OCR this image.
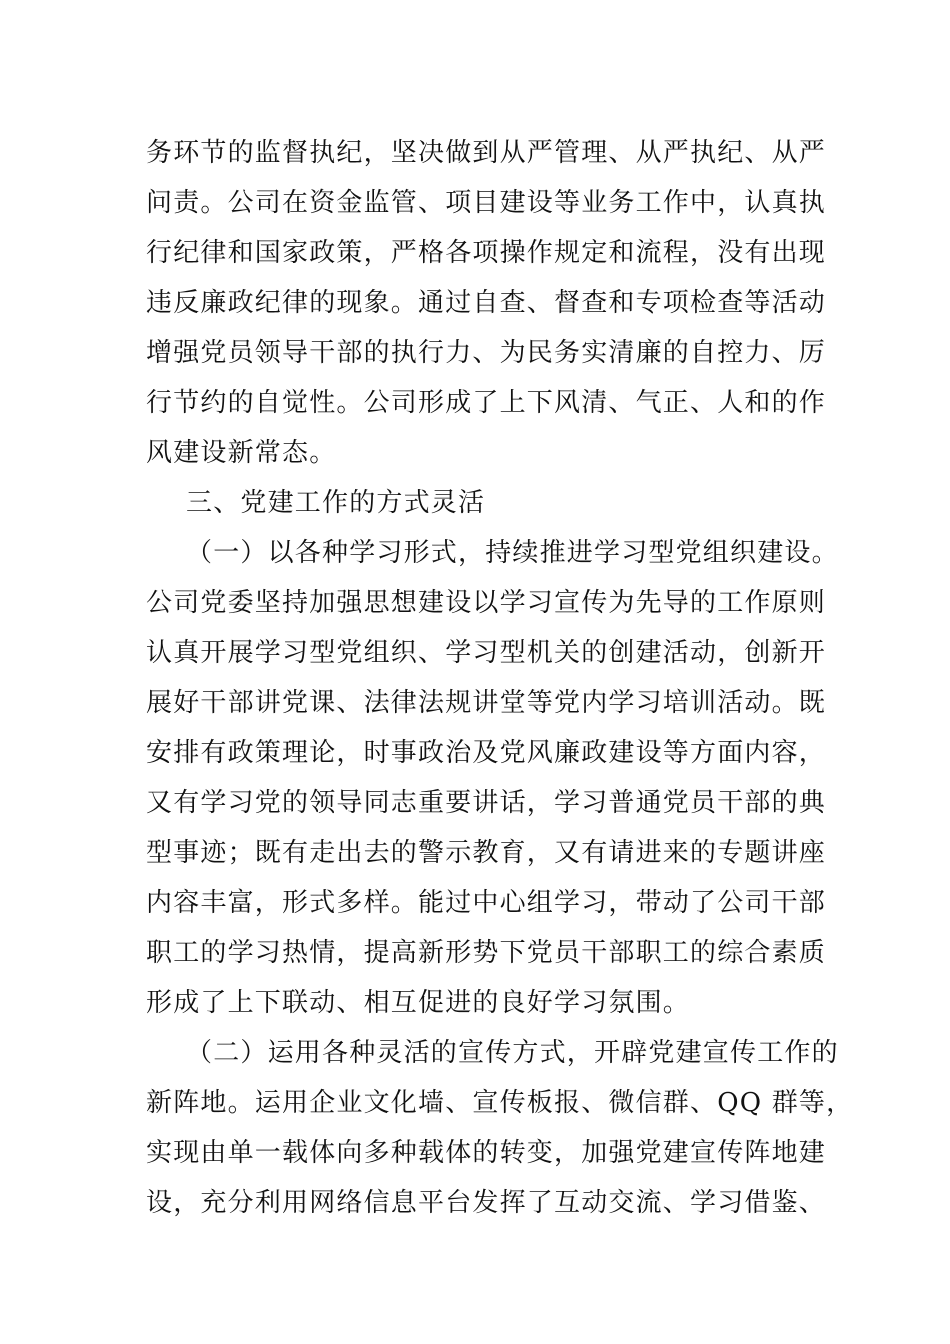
务环节的监督执纪，坚决做到从严管理、从严执纪、从严
问责。公司在资金监管、项目建设等业务工作中，认真执
行纪律和国家政策，严格各项操作规定和流程，没有出现
违反廉政纪律的现象。通过自查、督查和专项检查等活动
增强党员领导干部的执行力、为民务实清廉的自控力、厉
行节约的自觉性。公司形成了上下风清、气正、人和的作
风建设新常态。
三、党建工作的方式灵活
（一）以各种学习形式，持续推进学习型党组织建设。
公司党委坚持加强思想建设以学习宣传为先导的工作原则
认真开展学习型党组织、学习型机关的创建活动，创新开
展好干部讲党课、法律法规讲堂等党内学习培训活动。既
安排有政策理论，时事政治及党风廉政建设等方面内容，
又有学习党的领导同志重要讲话，学习普通党员干部的典
型事迹；既有走出去的警示教育，又有请进来的专题讲座
内容丰富，形式多样。能过中心组学习，带动了公司干部
职工的学习热情，提高新形势下党员干部职工的综合素质
形成了上下联动、相互促进的良好学习氛围。
（二）运用各种灵活的宣传方式，开辟党建宣传工作的
新阵地。运用企业文化墙、宣传板报、微信群、QQ 群等，
实现由单一载体向多种载体的转变，加强党建宣传阵地建
设，充分利用网络信息平台发挥了互动交流、学习借鉴、
